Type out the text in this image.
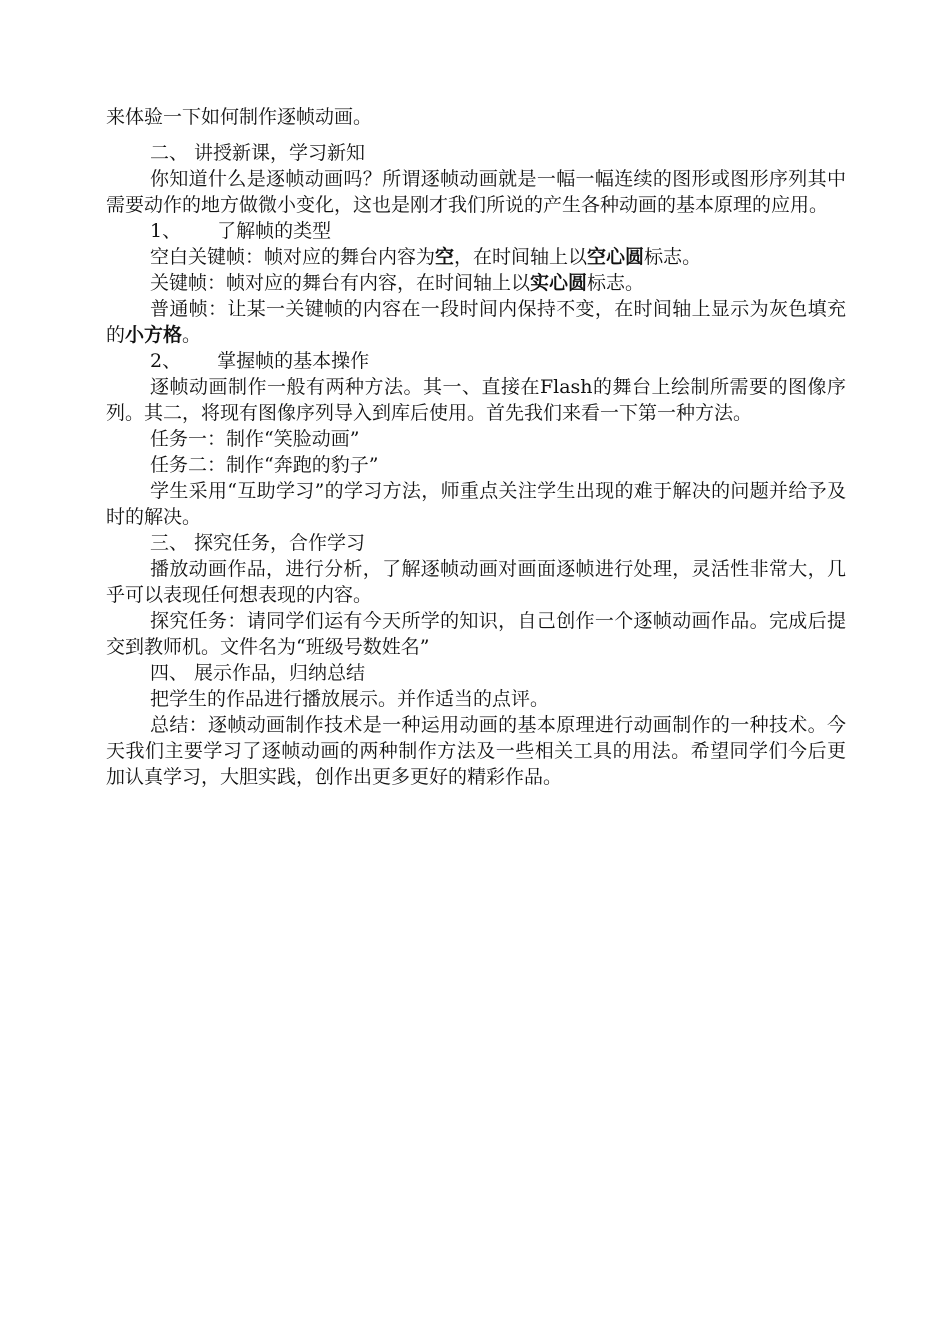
来体验一下如何制作逐帧动画。

二、 讲授新课，学习新知

你知道什么是逐帧动画吗？所谓逐帧动画就是一幅一幅连续的图形或图形序列其中需要动作的地方做微小变化，这也是刚才我们所说的产生各种动画的基本原理的应用。

1、 了解帧的类型

空白关键帧：帧对应的舞台内容为空，在时间轴上以空心圆标志。

关键帧：帧对应的舞台有内容，在时间轴上以实心圆标志。

普通帧：让某一关键帧的内容在一段时间内保持不变，在时间轴上显示为灰色填充的小方格。

2、 掌握帧的基本操作

逐帧动画制作一般有两种方法。其一、直接在Flash的舞台上绘制所需要的图像序列。其二，将现有图像序列导入到库后使用。首先我们来看一下第一种方法。

任务一：制作“笑脸动画”

任务二：制作“奔跑的豹子”

学生采用“互助学习”的学习方法，师重点关注学生出现的难于解决的问题并给予及时的解决。

三、 探究任务，合作学习

播放动画作品，进行分析，了解逐帧动画对画面逐帧进行处理，灵活性非常大，几乎可以表现任何想表现的内容。

探究任务：请同学们运有今天所学的知识，自己创作一个逐帧动画作品。完成后提交到教师机。文件名为“班级号数姓名”

四、 展示作品，归纳总结

把学生的作品进行播放展示。并作适当的点评。

总结：逐帧动画制作技术是一种运用动画的基本原理进行动画制作的一种技术。今天我们主要学习了逐帧动画的两种制作方法及一些相关工具的用法。希望同学们今后更加认真学习，大胆实践，创作出更多更好的精彩作品。
